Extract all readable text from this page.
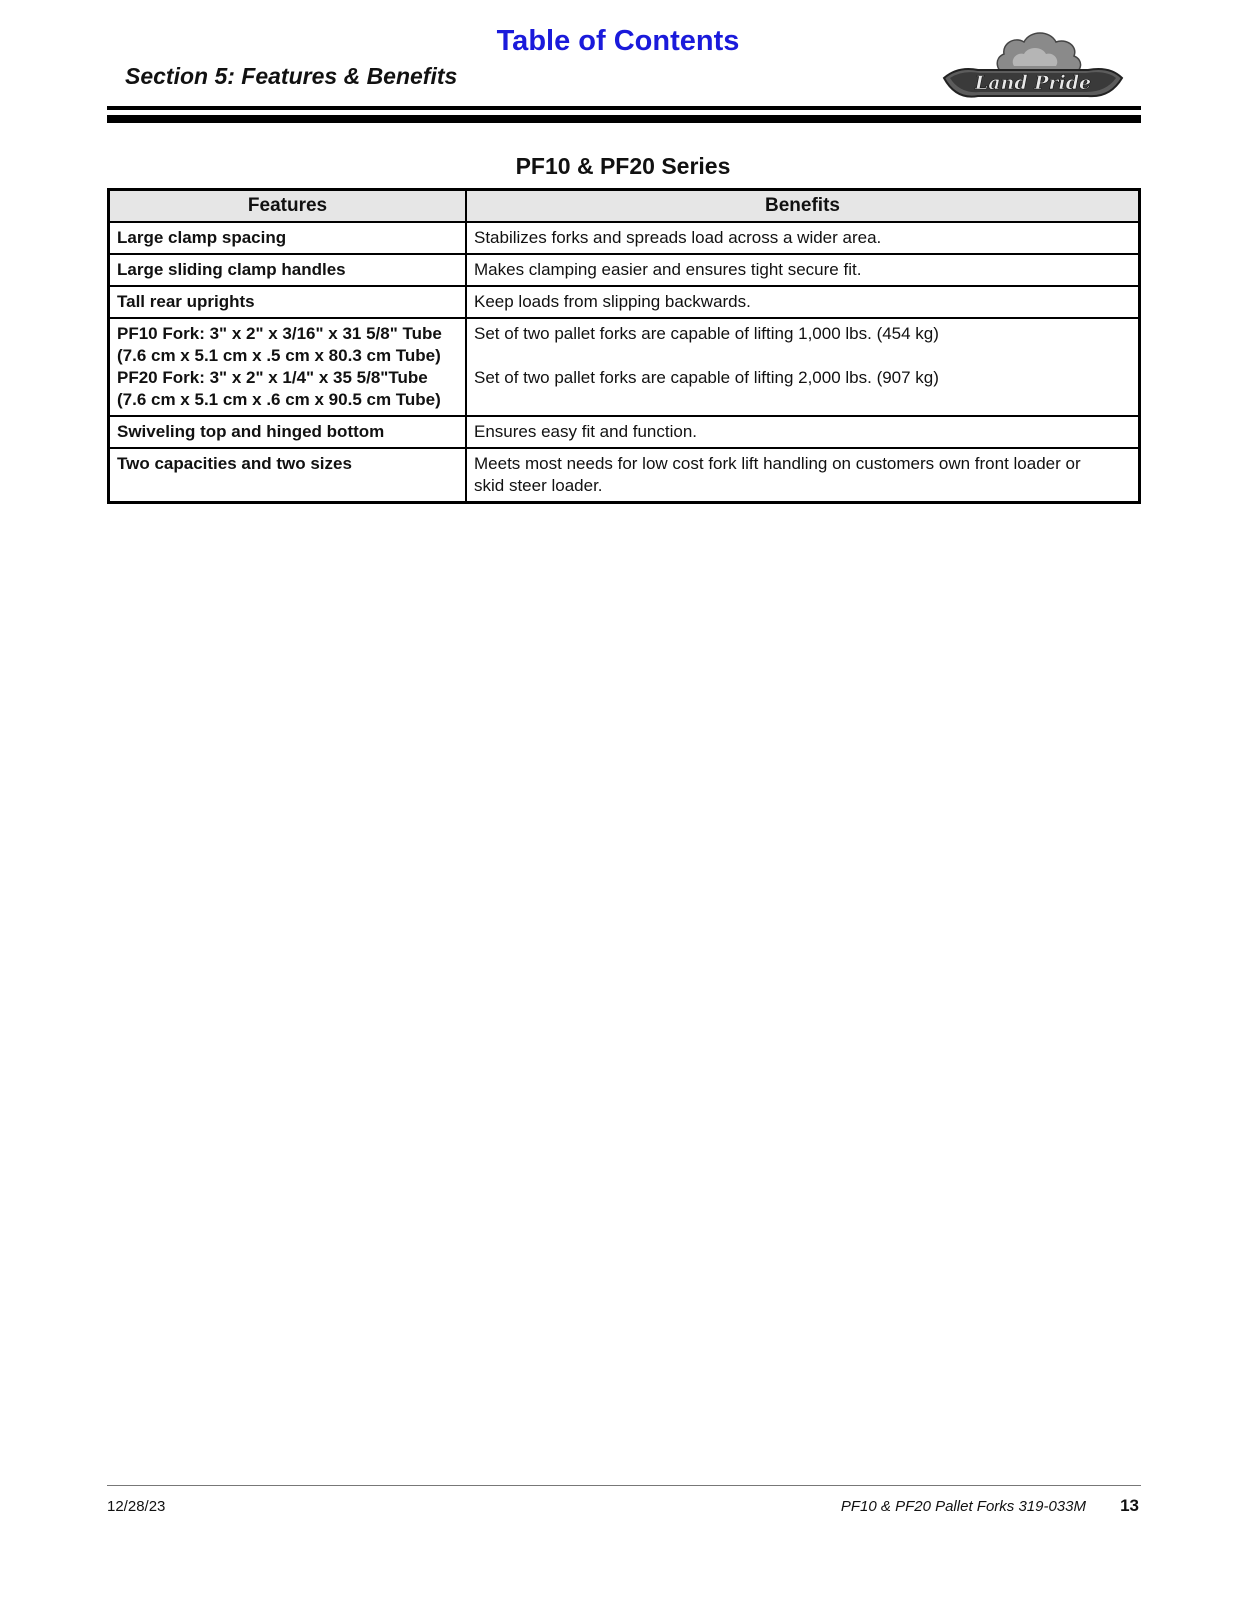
Table of Contents
Section 5: Features & Benefits	Land Pride
PF10 & PF20 Series
Features	Benefits

Large clamp spacing	Stabilizes forks and spreads load across a wider area.

Large sliding clamp handles	Makes clamping easier and ensures tight secure fit.

Tall rear uprights	Keep loads from slipping backwards.

PF10 Fork: 3" x 2" x 3/16" x 31 5/8" Tube
(7.6 cm x 5.1 cm x .5 cm x 80.3 cm Tube)
PF20 Fork: 3" x 2" x 1/4" x 35 5/8"Tube
(7.6 cm x 5.1 cm x .6 cm x 90.5 cm Tube)	Set of two pallet forks are capable of lifting 1,000 lbs. (454 kg)
Set of two pallet forks are capable of lifting 2,000 lbs. (907 kg)

Swiveling top and hinged bottom	Ensures easy fit and function.

Two capacities and two sizes	Meets most needs for low cost fork lift handling on customers own front loader or
skid steer loader.
12/28/23	PF10 & PF20 Pallet Forks 319-033M 13
